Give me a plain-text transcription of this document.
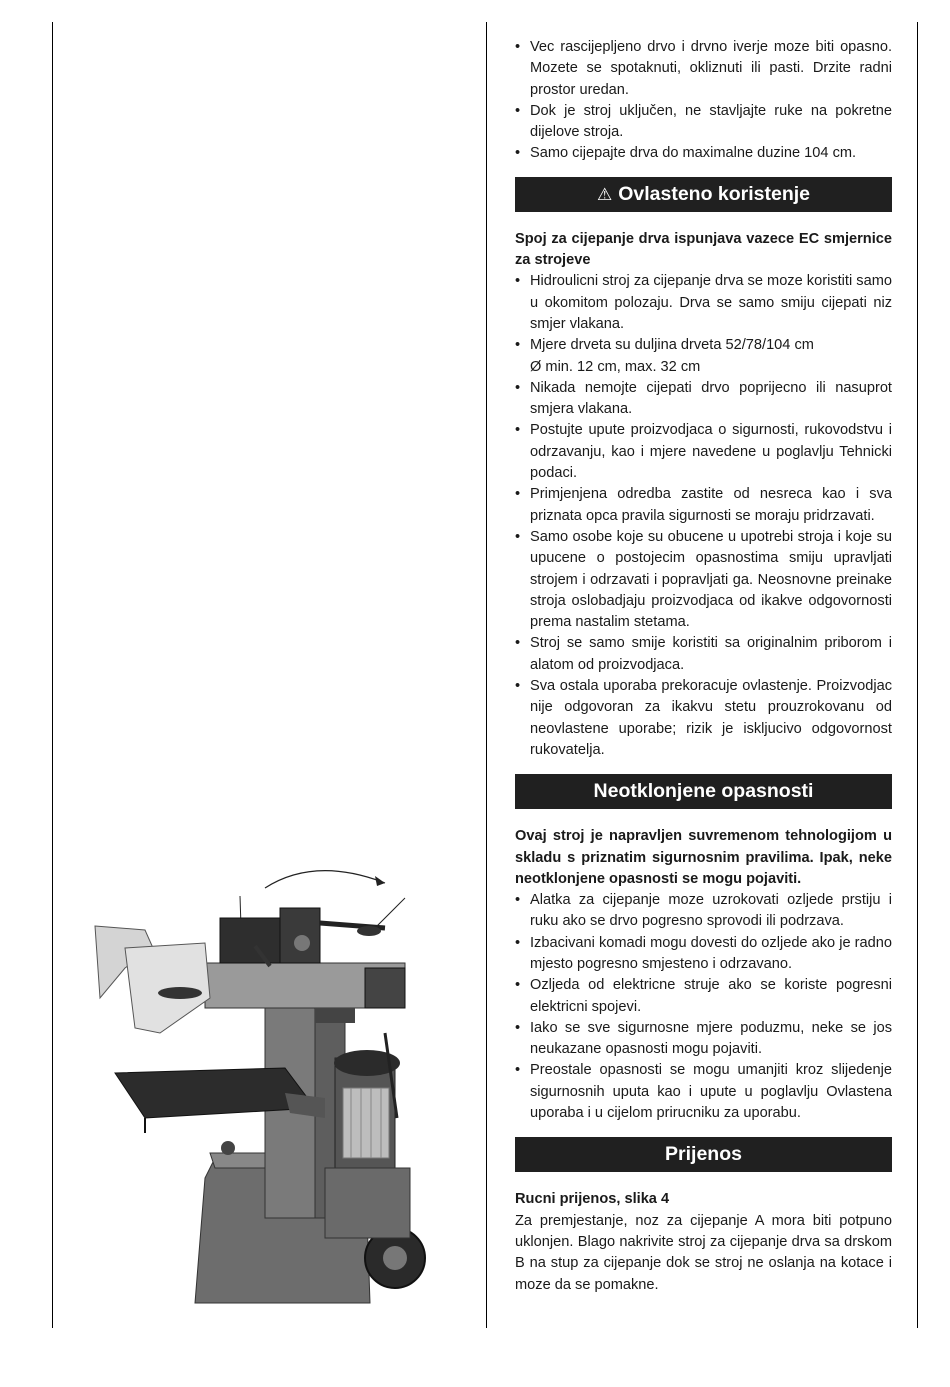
• Vec rascijepljeno drvo i drvno iverje moze biti opasno. Mozete se spotaknuti, okliznuti ili pasti. Drzite radni prostor uredan.
• Dok je stroj uključen, ne stavljajte ruke na pokretne dijelove stroja.
• Samo cijepajte drva do maximalne duzine 104 cm.
⚠ Ovlasteno koristenje

Spoj za cijepanje drva ispunjava vazece EC smjernice za strojeve

• Hidroulicni stroj za cijepanje drva se moze koristiti samo u okomitom polozaju. Drva se samo smiju cijepati niz smjer vlakana.
• Mjere drveta su duljina drveta 52/78/104 cm
Ø min. 12 cm, max. 32 cm
• Nikada nemojte cijepati drvo poprijecno ili nasuprot smjera vlakana.
• Postujte upute proizvodjaca o sigurnosti, rukovodstvu i odrzavanju, kao i mjere navedene u poglavlju Tehnicki podaci.
• Primjenjena odredba zastite od nesreca kao i sva priznata opca pravila sigurnosti se moraju pridrzavati.
• Samo osobe koje su obucene u upotrebi stroja i koje su upucene o postojecim opasnostima smiju upravljati strojem i odrzavati i popravljati ga. Neosnovne preinake stroja oslobadjaju proizvodjaca od ikakve odgovornosti prema nastalim stetama.
• Stroj se samo smije koristiti sa originalnim priborom i alatom od proizvodjaca.
• Sva ostala uporaba prekoracuje ovlastenje. Proizvodjac nije odgovoran za ikakvu stetu prouzrokovanu od neovlastene uporabe; rizik je iskljucivo odgovornost rukovatelja.
Neotklonjene opasnosti

Ovaj stroj je napravljen suvremenom tehnologijom u skladu s priznatim sigurnosnim pravilima. Ipak, neke neotklonjene opasnosti se mogu pojaviti.

• Alatka za cijepanje moze uzrokovati ozljede prstiju i ruku ako se drvo pogresno sprovodi ili podrzava.
• Izbacivani komadi mogu dovesti do ozljede ako je radno mjesto pogresno smjesteno i odrzavano.
• Ozljeda od elektricne struje ako se koriste pogresni elektricni spojevi.
• Iako se sve sigurnosne mjere poduzmu, neke se jos neukazane opasnosti mogu pojaviti.
• Preostale opasnosti se mogu umanjiti kroz slijedenje sigurnosnih uputa kao i upute u poglavlju Ovlastena uporaba i u cijelom prirucniku za uporabu.
Prijenos

Rucni prijenos, slika 4

Za premjestanje, noz za cijepanje A mora biti potpuno uklonjen. Blago nakrivite stroj za cijepanje drva sa drskom B na stup za cijepanje dok se stroj ne oslanja na kotace i moze da se pomakne.
